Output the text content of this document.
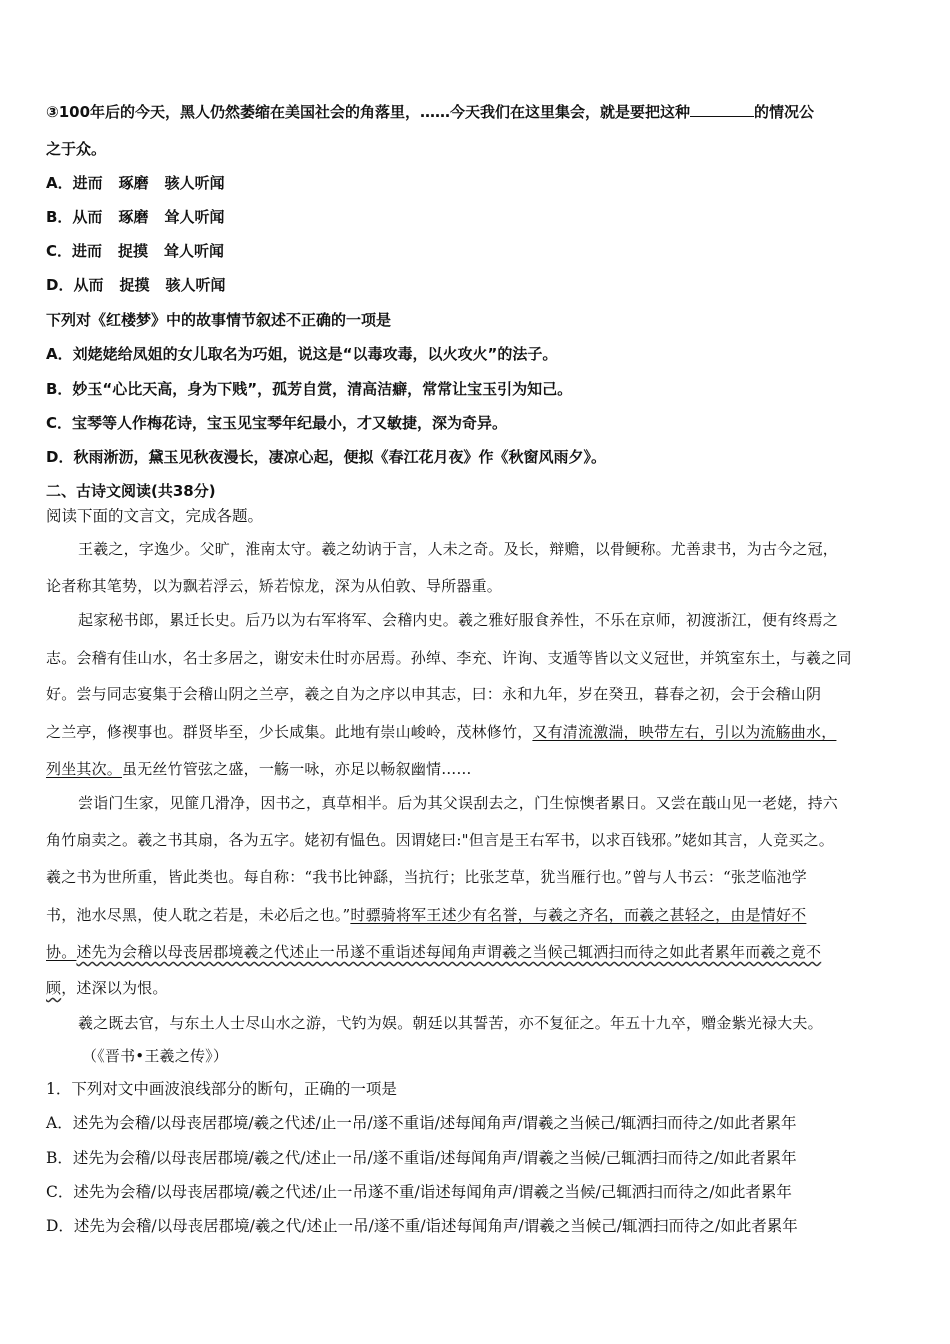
③100年后的今天，黑人仍然萎缩在美国社会的角落里，……今天我们在这里集会，就是要把这种	的情况公
之于众。
A．进而 琢磨 骇人听闻
B．从而 琢磨 耸人听闻
C．进而 捉摸 耸人听闻
D．从而 捉摸 骇人听闻
下列对《红楼梦》中的故事情节叙述不正确的一项是
A．刘姥姥给凤姐的女儿取名为巧姐，说这是“以毒攻毒，以火攻火”的法子。
B．妙玉“心比天高，身为下贱”，孤芳自赏，清高洁癖，常常让宝玉引为知己。
C．宝琴等人作梅花诗，宝玉见宝琴年纪最小，才又敏捷，深为奇异。
D．秋雨淅沥，黛玉见秋夜漫长，凄凉心起，便拟《春江花月夜》作《秋窗风雨夕》。
二、古诗文阅读(共38分)
阅读下面的文言文，完成各题。
王羲之，字逸少。父旷，淮南太守。羲之幼讷于言，人未之奇。及长，辩赡，以骨鲠称。尤善隶书，为古今之冠，
论者称其笔势，以为飘若浮云，矫若惊龙，深为从伯敦、导所器重。
起家秘书郎，累迁长史。后乃以为右军将军、会稽内史。羲之雅好服食养性，不乐在京师，初渡浙江，便有终焉之
志。会稽有佳山水，名士多居之，谢安未仕时亦居焉。孙绰、李充、许询、支遁等皆以文义冠世，并筑室东土，与羲之同
好。尝与同志宴集于会稽山阴之兰亭，羲之自为之序以申其志，曰：永和九年，岁在癸丑，暮春之初，会于会稽山阴
之兰亭，修禊事也。群贤毕至，少长咸集。此地有崇山峻岭，茂林修竹，又有清流激湍，映带左右，引以为流觞曲水，
列坐其次。虽无丝竹管弦之盛，一觞一咏，亦足以畅叙幽情……
尝诣门生家，见篚几滑净，因书之，真草相半。后为其父误刮去之，门生惊懊者累日。又尝在蕺山见一老姥，持六
角竹扇卖之。羲之书其扇，各为五字。姥初有愠色。因谓姥曰:"但言是王右军书，以求百钱邪。”姥如其言，人竞买之。
羲之书为世所重，皆此类也。每自称：“我书比钟繇，当抗行；比张芝草，犹当雁行也。”曾与人书云：“张芝临池学
书，池水尽黑，使人耽之若是，未必后之也。”时骠骑将军王述少有名誉，与羲之齐名，而羲之甚轻之，由是情好不
协。述先为会稽以母丧居郡境羲之代述止一吊遂不重诣述每闻角声谓羲之当候己辄洒扫而待之如此者累年而羲之竟不
顾，述深以为恨。
羲之既去官，与东土人士尽山水之游，弋钓为娱。朝廷以其誓苦，亦不复征之。年五十九卒，赠金紫光禄大夫。
（《晋书•王羲之传》）
1．下列对文中画波浪线部分的断句，正确的一项是
A．述先为会稽/以母丧居郡境/羲之代述/止一吊/遂不重诣/述每闻角声/谓羲之当候己/辄洒扫而待之/如此者累年
B．述先为会稽/以母丧居郡境/羲之代/述止一吊/遂不重诣/述每闻角声/谓羲之当候/己辄洒扫而待之/如此者累年
C．述先为会稽/以母丧居郡境/羲之代述/止一吊遂不重/诣述每闻角声/谓羲之当候/己辄洒扫而待之/如此者累年
D．述先为会稽/以母丧居郡境/羲之代/述止一吊/遂不重/诣述每闻角声/谓羲之当候己/辄洒扫而待之/如此者累年
